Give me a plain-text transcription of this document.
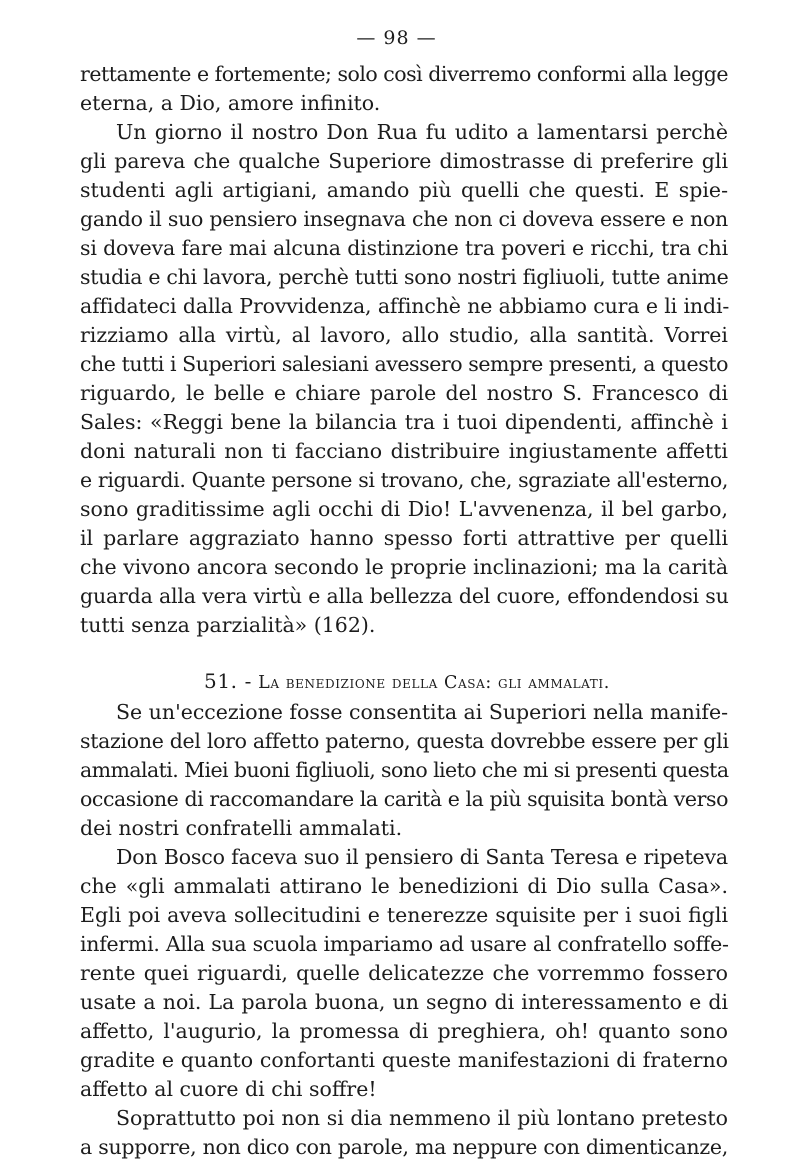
— 98 —
rettamente e fortemente; solo così diverremo conformi alla legge
eterna, a Dio, amore infinito.
Un giorno il nostro Don Rua fu udito a lamentarsi perchè
gli pareva che qualche Superiore dimostrasse di preferire gli
studenti agli artigiani, amando più quelli che questi. E spie-
gando il suo pensiero insegnava che non ci doveva essere e non
si doveva fare mai alcuna distinzione tra poveri e ricchi, tra chi
studia e chi lavora, perchè tutti sono nostri figliuoli, tutte anime
affidateci dalla Provvidenza, affinchè ne abbiamo cura e li indi-
rizziamo alla virtù, al lavoro, allo studio, alla santità. Vorrei
che tutti i Superiori salesiani avessero sempre presenti, a questo
riguardo, le belle e chiare parole del nostro S. Francesco di
Sales: «Reggi bene la bilancia tra i tuoi dipendenti, affinchè i
doni naturali non ti facciano distribuire ingiustamente affetti
e riguardi. Quante persone si trovano, che, sgraziate all'esterno,
sono graditissime agli occhi di Dio! L'avvenenza, il bel garbo,
il parlare aggraziato hanno spesso forti attrattive per quelli
che vivono ancora secondo le proprie inclinazioni; ma la carità
guarda alla vera virtù e alla bellezza del cuore, effondendosi su
tutti senza parzialità» (162).
51. - La benedizione della Casa: gli ammalati.
Se un'eccezione fosse consentita ai Superiori nella manife-
stazione del loro affetto paterno, questa dovrebbe essere per gli
ammalati. Miei buoni figliuoli, sono lieto che mi si presenti questa
occasione di raccomandare la carità e la più squisita bontà verso
dei nostri confratelli ammalati.
Don Bosco faceva suo il pensiero di Santa Teresa e ripeteva
che «gli ammalati attirano le benedizioni di Dio sulla Casa».
Egli poi aveva sollecitudini e tenerezze squisite per i suoi figli
infermi. Alla sua scuola impariamo ad usare al confratello soffe-
rente quei riguardi, quelle delicatezze che vorremmo fossero
usate a noi. La parola buona, un segno di interessamento e di
affetto, l'augurio, la promessa di preghiera, oh! quanto sono
gradite e quanto confortanti queste manifestazioni di fraterno
affetto al cuore di chi soffre!
Soprattutto poi non si dia nemmeno il più lontano pretesto
a supporre, non dico con parole, ma neppure con dimenticanze,
